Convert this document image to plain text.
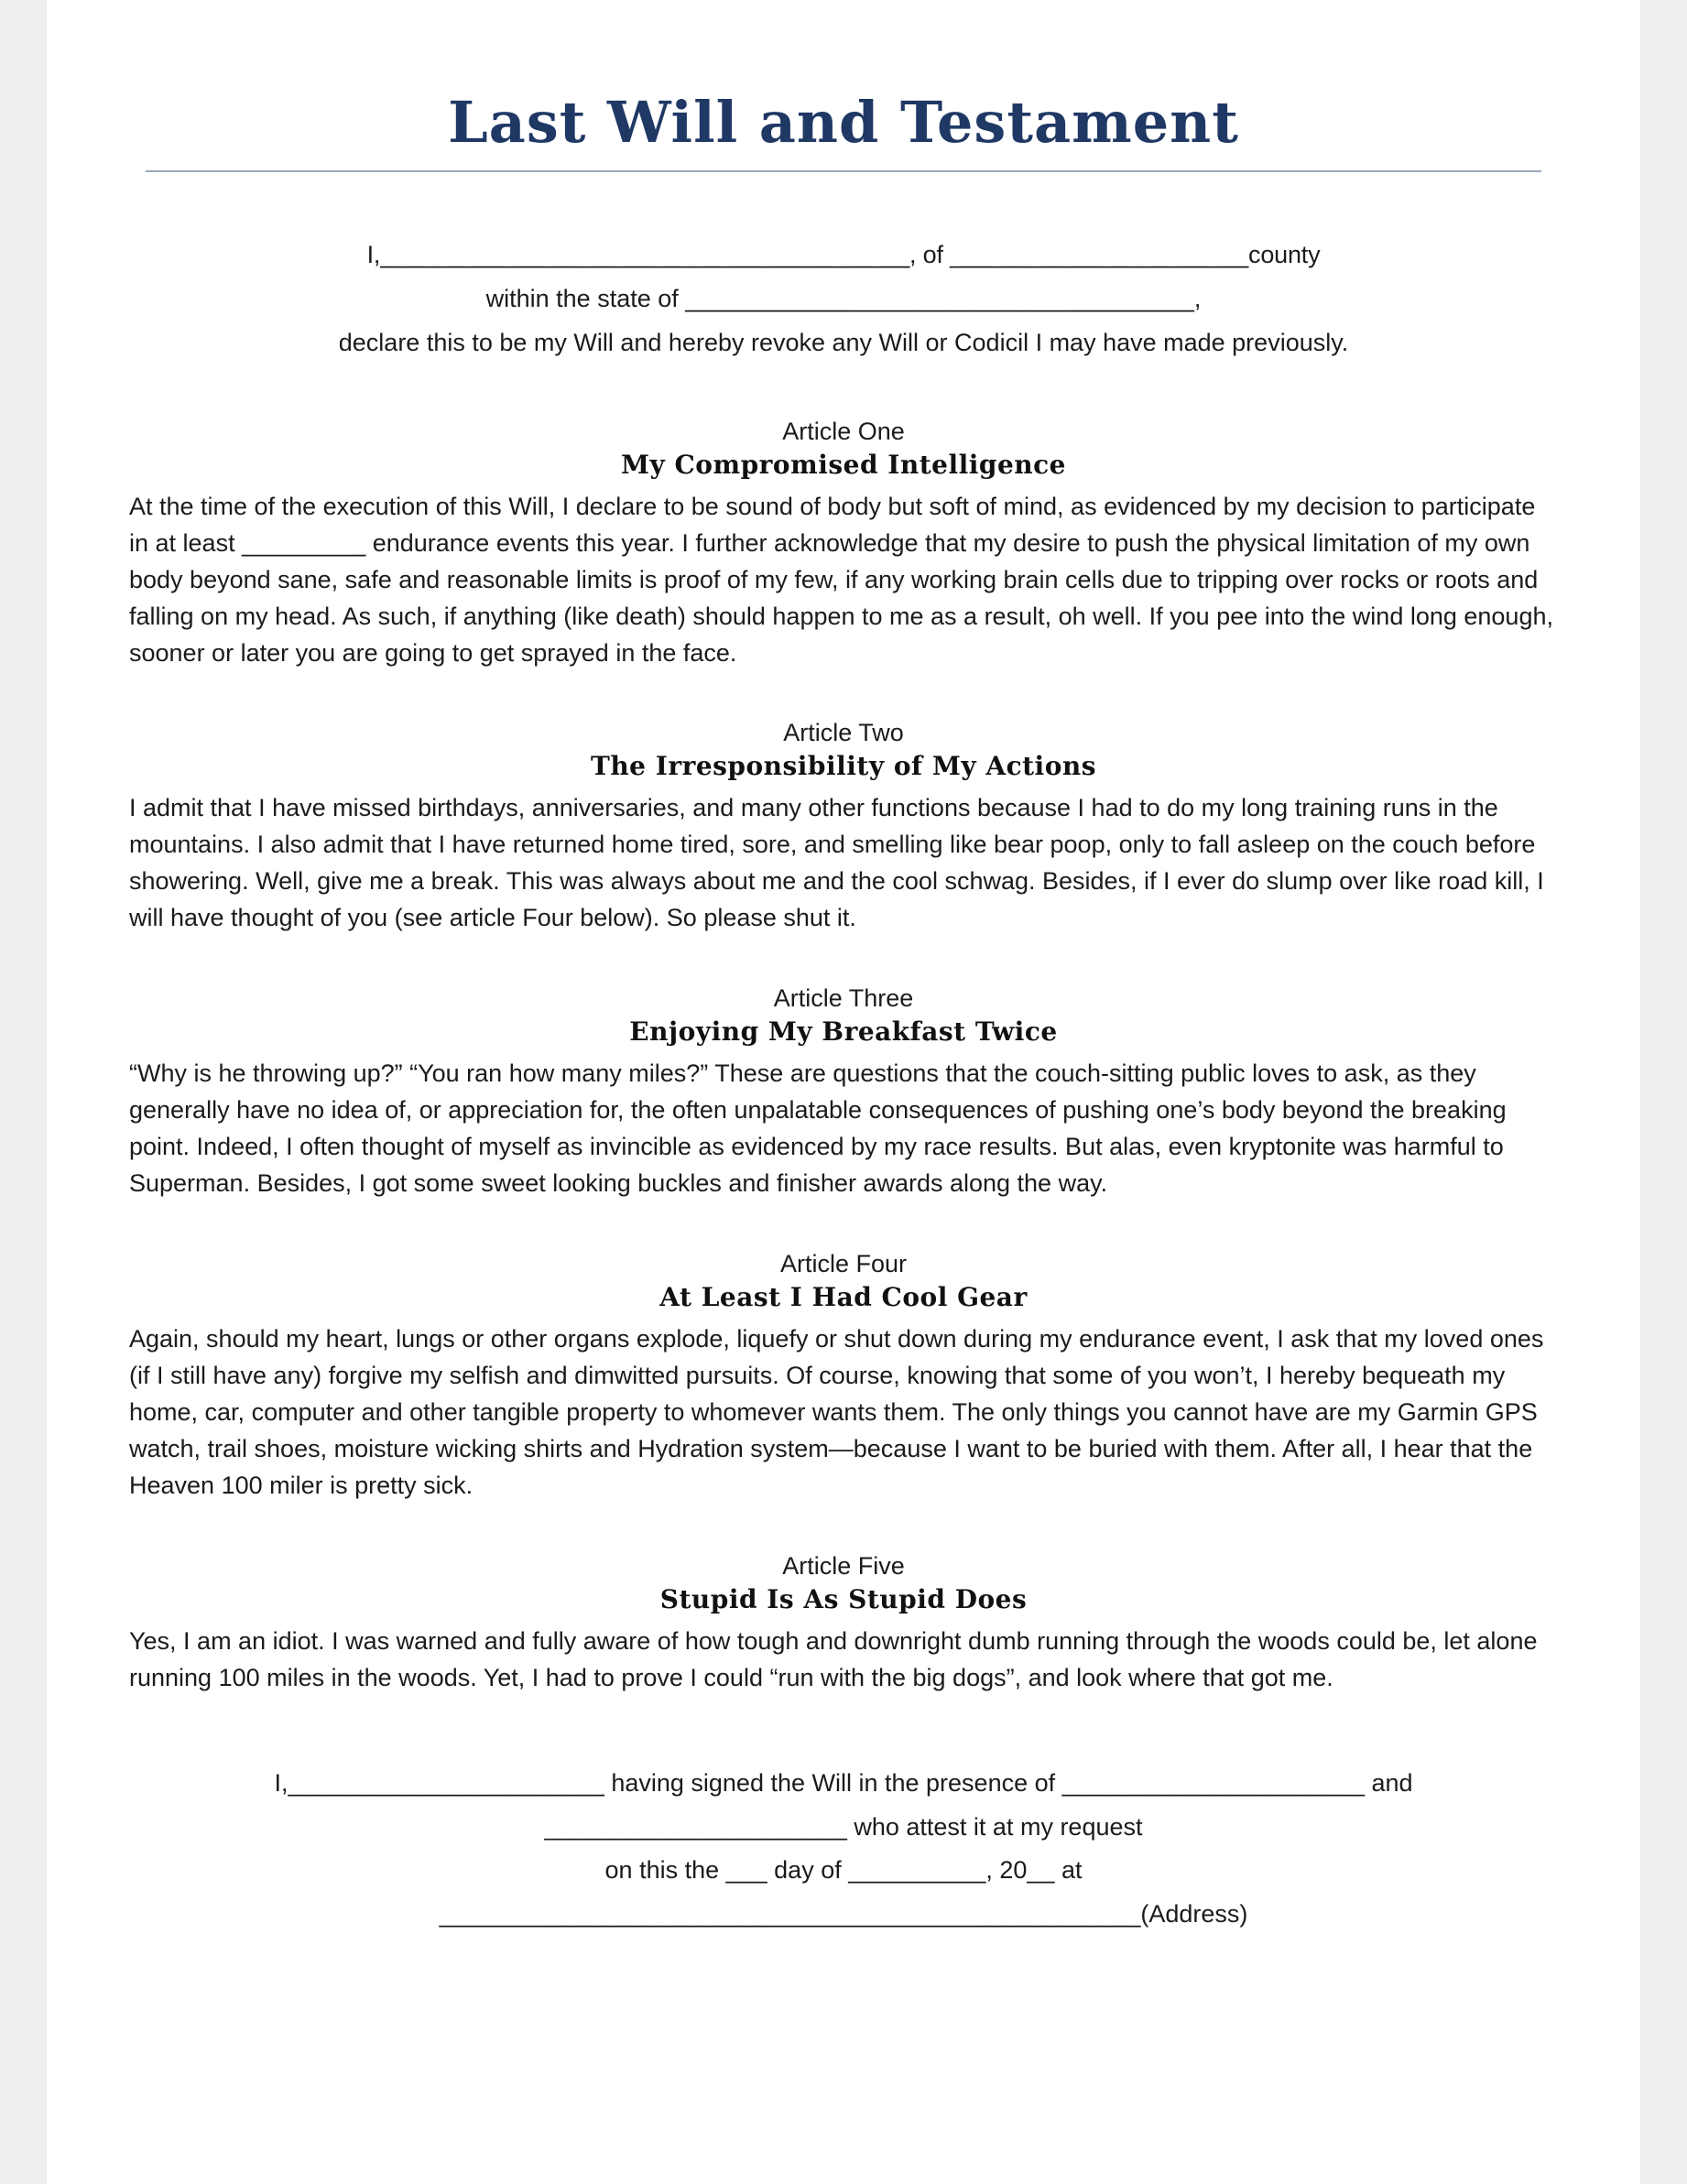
Last Will and Testament
I,_______________________________________, of ______________________county
within the state of _____________________________________,
declare this to be my Will and hereby revoke any Will or Codicil I may have made previously.
Article One
My Compromised Intelligence
At the time of the execution of this Will, I declare to be sound of body but soft of mind, as evidenced by my decision to participate in at least _________ endurance events this year. I further acknowledge that my desire to push the physical limitation of my own body beyond sane, safe and reasonable limits is proof of my few, if any working brain cells due to tripping over rocks or roots and falling on my head. As such, if anything (like death) should happen to me as a result, oh well. If you pee into the wind long enough, sooner or later you are going to get sprayed in the face.
Article Two
The Irresponsibility of My Actions
I admit that I have missed birthdays, anniversaries, and many other functions because I had to do my long training runs in the mountains. I also admit that I have returned home tired, sore, and smelling like bear poop, only to fall asleep on the couch before showering. Well, give me a break. This was always about me and the cool schwag. Besides, if I ever do slump over like road kill, I will have thought of you (see article Four below). So please shut it.
Article Three
Enjoying My Breakfast Twice
“Why is he throwing up?” “You ran how many miles?” These are questions that the couch-sitting public loves to ask, as they generally have no idea of, or appreciation for, the often unpalatable consequences of pushing one’s body beyond the breaking point. Indeed, I often thought of myself as invincible as evidenced by my race results. But alas, even kryptonite was harmful to Superman. Besides, I got some sweet looking buckles and finisher awards along the way.
Article Four
At Least I Had Cool Gear
Again, should my heart, lungs or other organs explode, liquefy or shut down during my endurance event, I ask that my loved ones (if I still have any) forgive my selfish and dimwitted pursuits. Of course, knowing that some of you won’t, I hereby bequeath my home, car, computer and other tangible property to whomever wants them. The only things you cannot have are my Garmin GPS watch, trail shoes, moisture wicking shirts and Hydration system—because I want to be buried with them. After all, I hear that the Heaven 100 miler is pretty sick.
Article Five
Stupid Is As Stupid Does
Yes, I am an idiot. I was warned and fully aware of how tough and downright dumb running through the woods could be, let alone running 100 miles in the woods. Yet, I had to prove I could “run with the big dogs”, and look where that got me.
I,_______________________ having signed the Will in the presence of ______________________ and
______________________ who attest it at my request
on this the ___ day of __________, 20__ at
___________________________________________________(Address)
